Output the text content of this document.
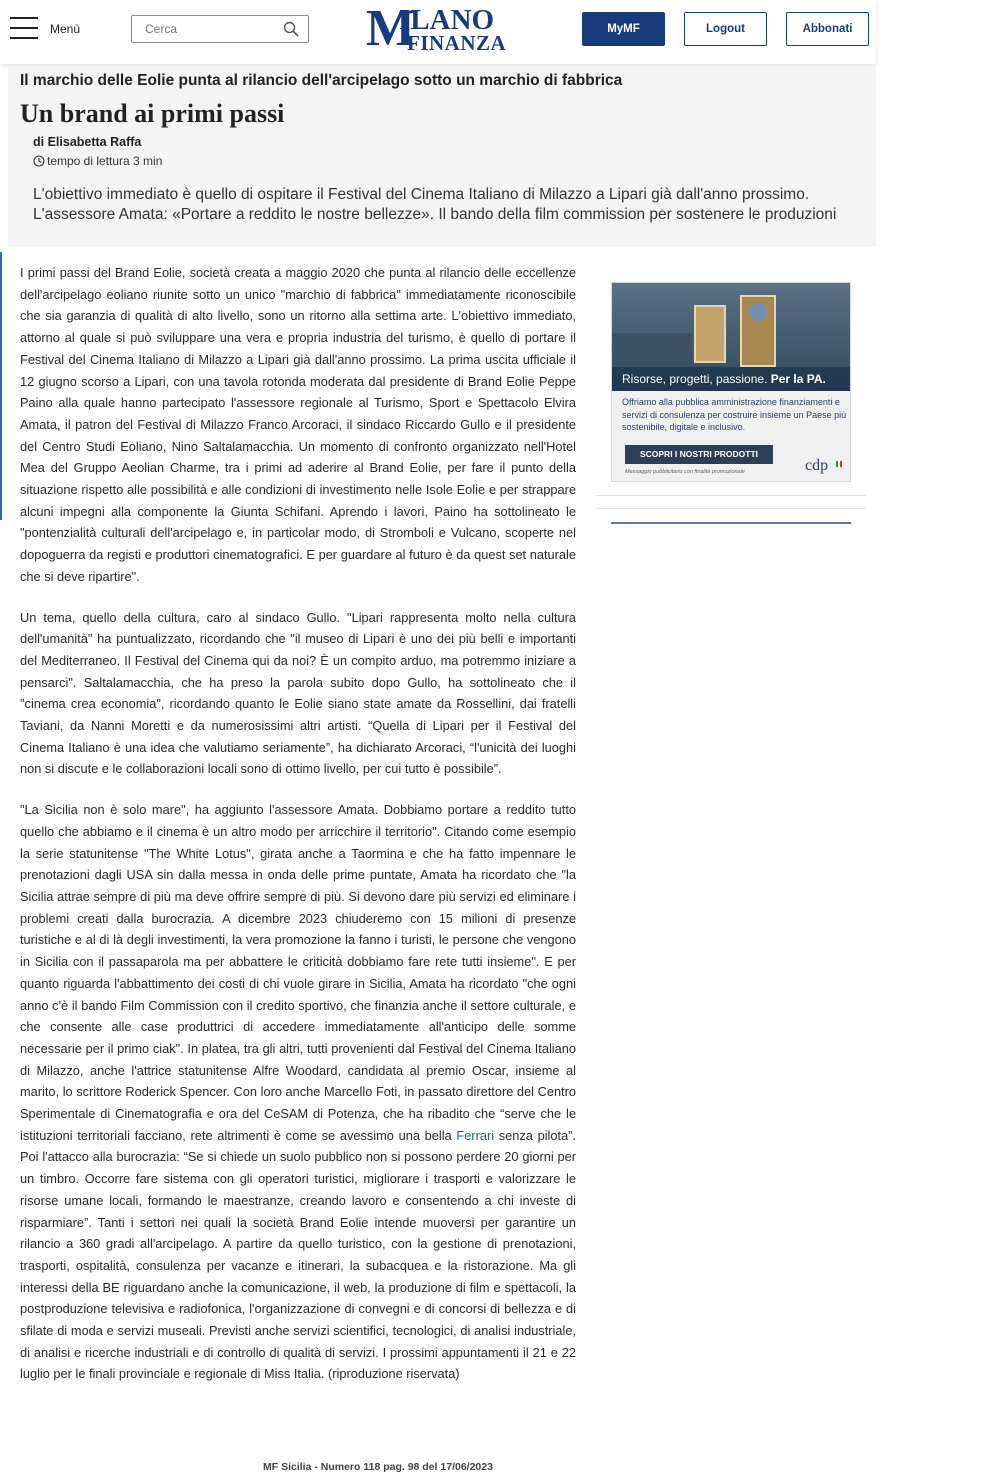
Menù
Cerca	M
ILANO
FINANZA
MyMF	Logout	Abbonati
Il marchio delle Eolie punta al rilancio dell'arcipelago sotto un marchio di fabbrica
Un brand ai primi passi
di Elisabetta Raffa
tempo di lettura 3 min
L'obiettivo immediato è quello di ospitare il Festival del Cinema Italiano di Milazzo a Lipari già dall'anno prossimo. L'assessore Amata: «Portare a reddito le nostre bellezze». Il bando della film commission per sostenere le produzioni

I primi passi del Brand Eolie, società creata a maggio 2020 che punta al rilancio delle eccellenze dell'arcipelago eoliano riunite sotto un unico "marchio di fabbrica" immediatamente riconoscibile che sia garanzia di qualità di alto livello, sono un ritorno alla settima arte. L'obiettivo immediato, attorno al quale si può sviluppare una vera e propria industria del turismo, è quello di portare il Festival del Cinema Italiano di Milazzo a Lipari già dall'anno prossimo. La prima uscita ufficiale il 12 giugno scorso a Lipari, con una tavola rotonda moderata dal presidente di Brand Eolie Peppe Paino alla quale hanno partecipato l'assessore regionale al Turismo, Sport e Spettacolo Elvira Amata, il patron del Festival di Milazzo Franco Arcoraci, il sindaco Riccardo Gullo e il presidente del Centro Studi Eoliano, Nino Saltalamacchia. Un momento di confronto organizzato nell'Hotel Mea del Gruppo Aeolian Charme, tra i primi ad aderire al Brand Eolie, per fare il punto della situazione rispetto alle possibilità e alle condizioni di investimento nelle Isole Eolie e per strappare alcuni impegni alla componente la Giunta Schifani. Aprendo i lavori, Paino ha sottolineato le "pontenzialità culturali dell'arcipelago e, in particolar modo, di Stromboli e Vulcano, scoperte nel dopoguerra da registi e produttori cinematografici. E per guardare al futuro è da quest set naturale che si deve ripartire".

Un tema, quello della cultura, caro al sindaco Gullo. "Lipari rappresenta molto nella cultura dell'umanità" ha puntualizzato, ricordando che "il museo di Lipari è uno dei più belli e importanti del Mediterraneo. Il Festival del Cinema qui da noi? È un compito arduo, ma potremmo iniziare a pensarci". Saltalamacchia, che ha preso la parola subito dopo Gullo, ha sottolineato che il "cinema crea economia", ricordando quanto le Eolie siano state amate da Rossellini, dai fratelli Taviani, da Nanni Moretti e da numerosissimi altri artisti. “Quella di Lipari per il Festival del Cinema Italiano è una idea che valutiamo seriamente”, ha dichiarato Arcoraci, “l'unicità dei luoghi non si discute e le collaborazioni locali sono di ottimo livello, per cui tutto è possibile”.

"La Sicilia non è solo mare", ha aggiunto l'assessore Amata. Dobbiamo portare a reddito tutto quello che abbiamo e il cinema è un altro modo per arricchire il territorio". Citando come esempio la serie statunitense "The White Lotus", girata anche a Taormina e che ha fatto impennare le prenotazioni dagli USA sin dalla messa in onda delle prime puntate, Amata ha ricordato che "la Sicilia attrae sempre di più ma deve offrire sempre di più. Si devono dare più servizi ed eliminare i problemi creati dalla burocrazia. A dicembre 2023 chiuderemo con 15 milioni di presenze turistiche e al di là degli investimenti, la vera promozione la fanno i turisti, le persone che vengono in Sicilia con il passaparola ma per abbattere le criticità dobbiamo fare rete tutti insieme". E per quanto riguarda l'abbattimento dei costi di chi vuole girare in Sicilia, Amata ha ricordato "che ogni anno c'è il bando Film Commission con il credito sportivo, che finanzia anche il settore culturale, e che consente alle case produttrici di accedere immediatamente all'anticipo delle somme necessarie per il primo ciak". In platea, tra gli altri, tutti provenienti dal Festival del Cinema Italiano di Milazzo, anche l'attrice statunitense Alfre Woodard, candidata al premio Oscar, insieme al marito, lo scrittore Roderick Spencer. Con loro anche Marcello Foti, in passato direttore del Centro Sperimentale di Cinematografia e ora del CeSAM di Potenza, che ha ribadito che “serve che le istituzioni territoriali facciano, rete altrimenti è come se avessimo una bella Ferrari senza pilota”. Poi l'attacco alla burocrazia: “Se si chiede un suolo pubblico non si possono perdere 20 giorni per un timbro. Occorre fare sistema con gli operatori turistici, migliorare i trasporti e valorizzare le risorse umane locali, formando le maestranze, creando lavoro e consentendo a chi investe di risparmiare”. Tanti i settori nei quali la società Brand Eolie intende muoversi per garantire un rilancio a 360 gradi all'arcipelago. A partire da quello turistico, con la gestione di prenotazioni, trasporti, ospitalità, consulenza per vacanze e itinerari, la subacquea e la ristorazione. Ma gli interessi della BE riguardano anche la comunicazione, il web, la produzione di film e spettacoli, la postproduzione televisiva e radiofonica, l'organizzazione di convegni e di concorsi di bellezza e di sfilate di moda e servizi museali. Previsti anche servizi scientifici, tecnologici, di analisi industriale, di analisi e ricerche industriali e di controllo di qualità di servizi. I prossimi appuntamenti il 21 e 22 luglio per le finali provinciale e regionale di Miss Italia. (riproduzione riservata)

Risorse, progetti, passione. Per la PA.
Offriamo alla pubblica amministrazione finanziamenti e servizi di consulenza per costruire insieme un Paese più sostenibile, digitale e inclusivo.
SCOPRI I NOSTRI PRODOTTI
Messaggio pubblicitario con finalità promozionale	cdp
MF Sicilia - Numero 118 pag. 98 del 17/06/2023
